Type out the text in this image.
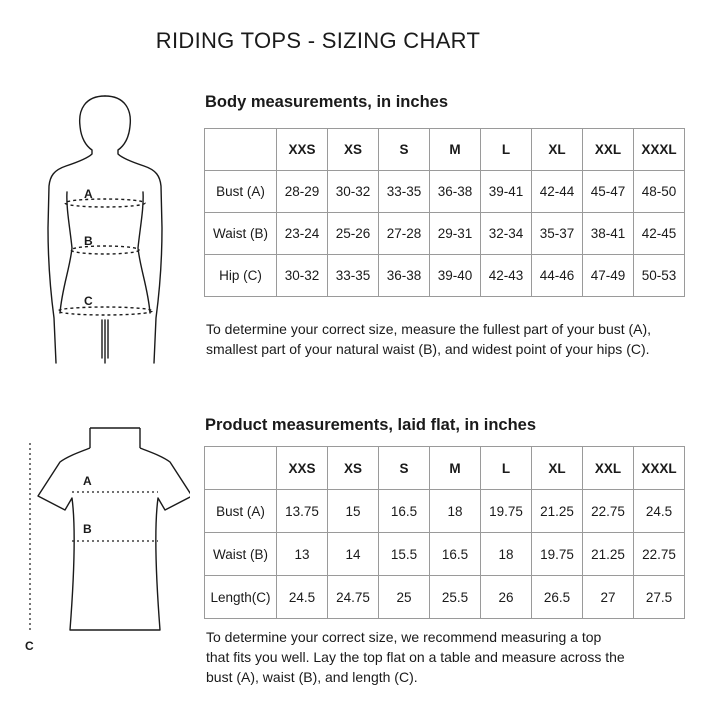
RIDING TOPS - SIZING CHART
A
B
C
Body measurements, in inches
	XXS	XS	S	M	L	XL	XXL	XXXL
Bust (A)	28-29	30-32	33-35	36-38	39-41	42-44	45-47	48-50
Waist (B)	23-24	25-26	27-28	29-31	32-34	35-37	38-41	42-45
Hip (C)	30-32	33-35	36-38	39-40	42-43	44-46	47-49	50-53
To determine your correct size, measure the fullest part of your bust (A),
smallest part of your natural waist (B), and widest point of your hips (C).
A
B
C
Product measurements, laid flat, in inches
	XXS	XS	S	M	L	XL	XXL	XXXL
Bust (A)	13.75	15	16.5	18	19.75	21.25	22.75	24.5
Waist (B)	13	14	15.5	16.5	18	19.75	21.25	22.75
Length(C)	24.5	24.75	25	25.5	26	26.5	27	27.5
To determine your correct size, we recommend measuring a top
that fits you well. Lay the top flat on a table and measure across the
bust (A), waist (B), and length (C).
